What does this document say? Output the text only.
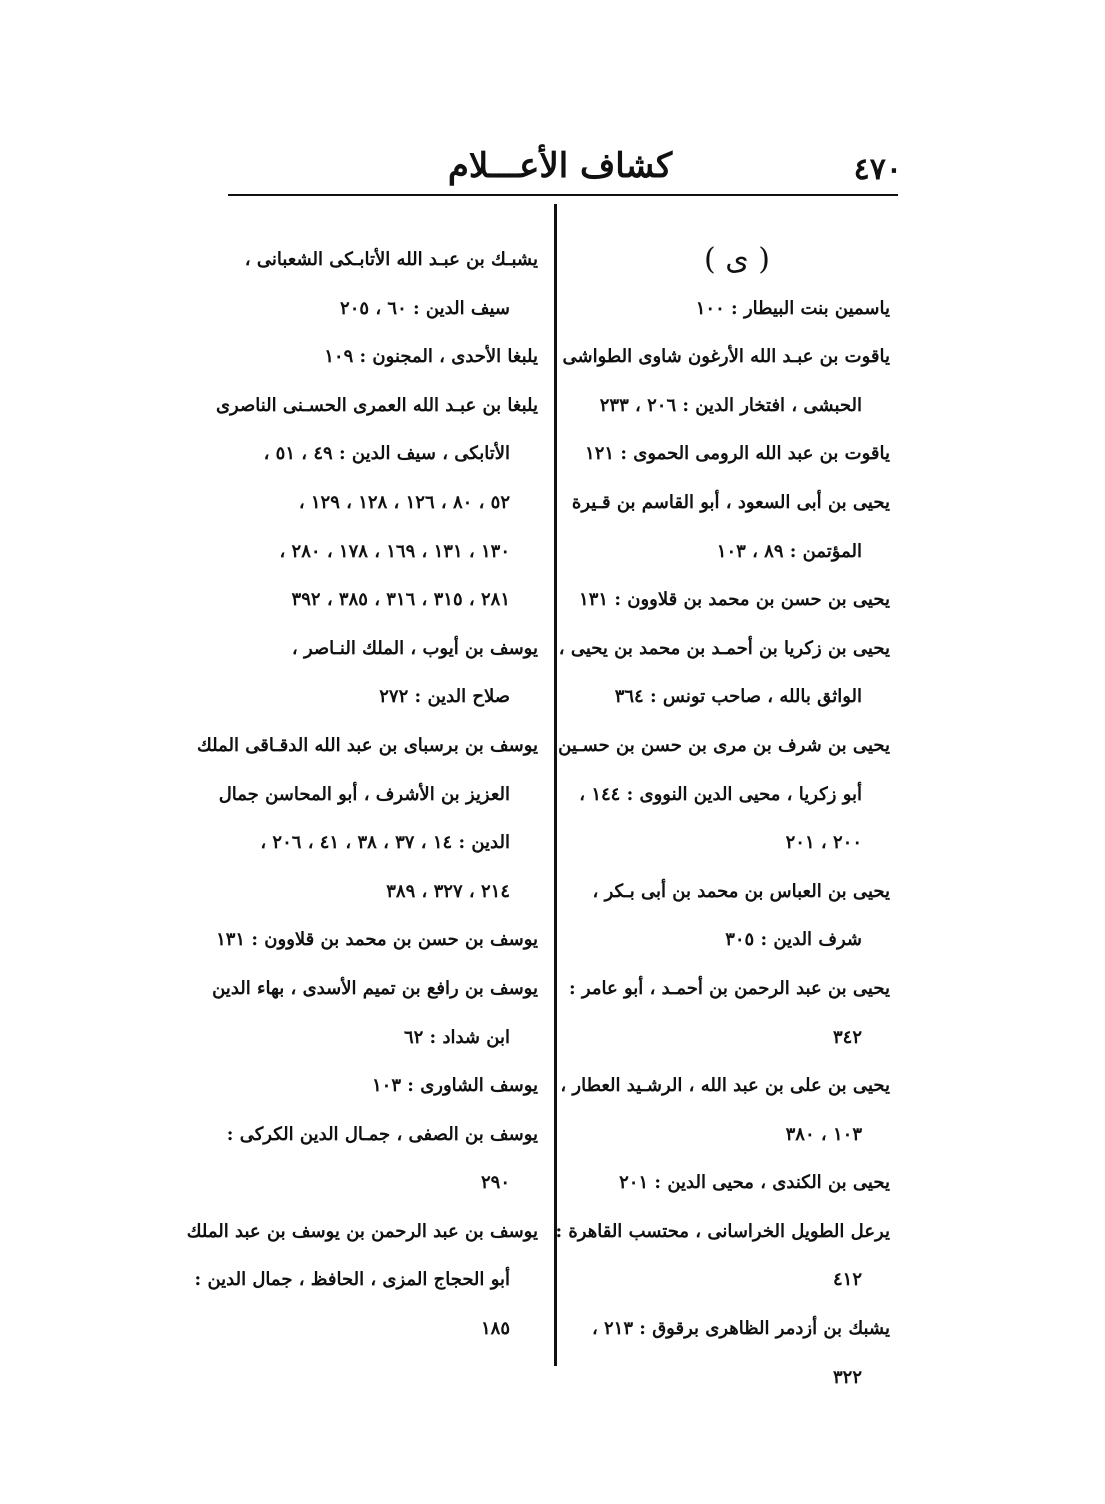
٤٧٠
كشاف الأعـــلام
( ى )
ياسمين بنت البيطار : ١٠٠
ياقوت بن عبـد الله الأرغون شاوى الطواشى
الحبشى ، افتخار الدين : ٢٠٦ ، ٢٣٣
ياقوت بن عبد الله الرومى الحموى : ١٢١
يحيى بن أبى السعود ، أبو القاسم بن قـيرة
المؤتمن : ٨٩ ، ١٠٣
يحيى بن حسن بن محمد بن قلاوون : ١٣١
يحيى بن زكريا بن أحمـد بن محمد بن يحيى ،
الواثق بالله ، صاحب تونس : ٣٦٤
يحيى بن شرف بن مرى بن حسن بن حسـين
أبو زكريا ، محيى الدين النووى : ١٤٤ ،
٢٠٠ ، ٢٠١
يحيى بن العباس بن محمد بن أبى بـكر ،
شرف الدين : ٣٠٥
يحيى بن عبد الرحمن بن أحمـد ، أبو عامر :
٣٤٢
يحيى بن على بن عبد الله ، الرشـيد العطار ،
١٠٣ ، ٣٨٠
يحيى بن الكندى ، محيى الدين : ٢٠١
يرعل الطويل الخراسانى ، محتسب القاهرة :
٤١٢
يشبك بن أزدمر الظاهرى برقوق : ٢١٣ ،
٣٢٢
يشبـك بن عبـد الله الأتابـكى الشعبانى ،
سيف الدين : ٦٠ ، ٢٠٥
يلبغا الأحدى ، المجنون : ١٠٩
يلبغا بن عبـد الله العمرى الحسـنى الناصرى
الأتابكى ، سيف الدين : ٤٩ ، ٥١ ،
٥٢ ، ٨٠ ، ١٢٦ ، ١٢٨ ، ١٢٩ ،
١٣٠ ، ١٣١ ، ١٦٩ ، ١٧٨ ، ٢٨٠ ،
٢٨١ ، ٣١٥ ، ٣١٦ ، ٣٨٥ ، ٣٩٢
يوسف بن أيوب ، الملك النـاصر ،
صلاح الدين : ٢٧٢
يوسف بن برسباى بن عبد الله الدقـاقى الملك
العزيز بن الأشرف ، أبو المحاسن جمال
الدين : ١٤ ، ٣٧ ، ٣٨ ، ٤١ ، ٢٠٦ ،
٢١٤ ، ٣٢٧ ، ٣٨٩
يوسف بن حسن بن محمد بن قلاوون : ١٣١
يوسف بن رافع بن تميم الأسدى ، بهاء الدين
ابن شداد : ٦٢
يوسف الشاورى : ١٠٣
يوسف بن الصفى ، جمـال الدين الكركى :
٢٩٠
يوسف بن عبد الرحمن بن يوسف بن عبد الملك
أبو الحجاج المزى ، الحافظ ، جمال الدين :
١٨٥
